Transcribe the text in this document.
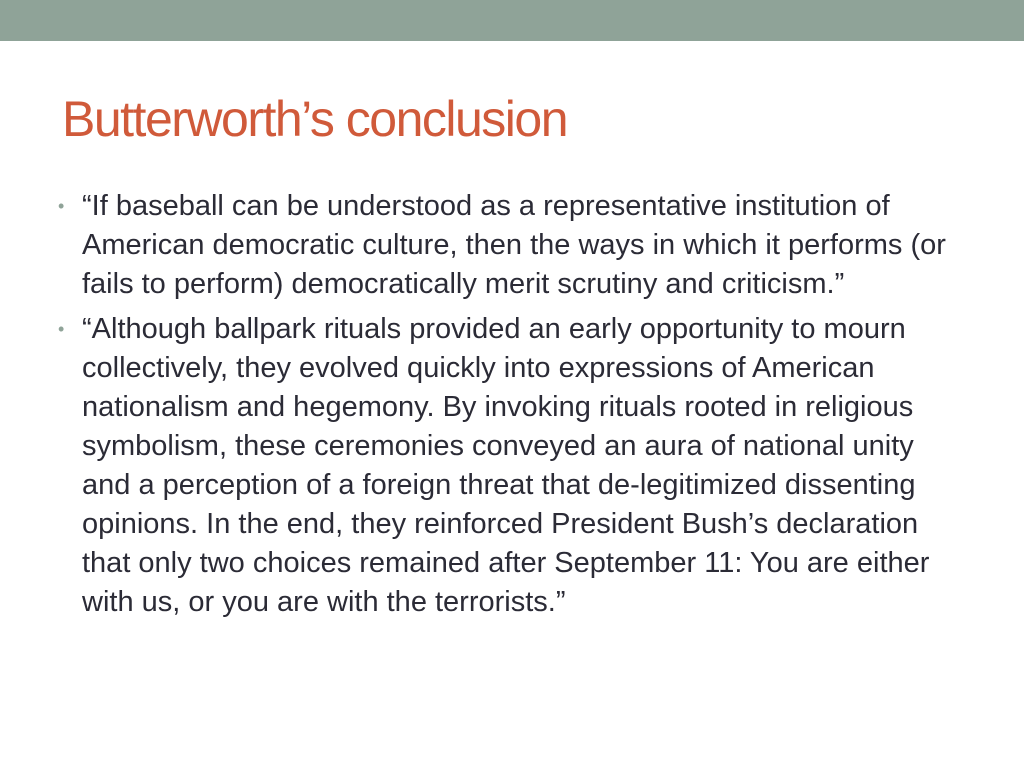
Butterworth’s conclusion
• “If baseball can be understood as a representative institution of American democratic culture, then the ways in which it performs (or fails to perform) democratically merit scrutiny and criticism.”
• “Although ballpark rituals provided an early opportunity to mourn collectively, they evolved quickly into expressions of American nationalism and hegemony. By invoking rituals rooted in religious symbolism, these ceremonies conveyed an aura of national unity and a perception of a foreign threat that de-legitimized dissenting opinions. In the end, they reinforced President Bush’s declaration that only two choices remained after September 11: You are either with us, or you are with the terrorists.”
